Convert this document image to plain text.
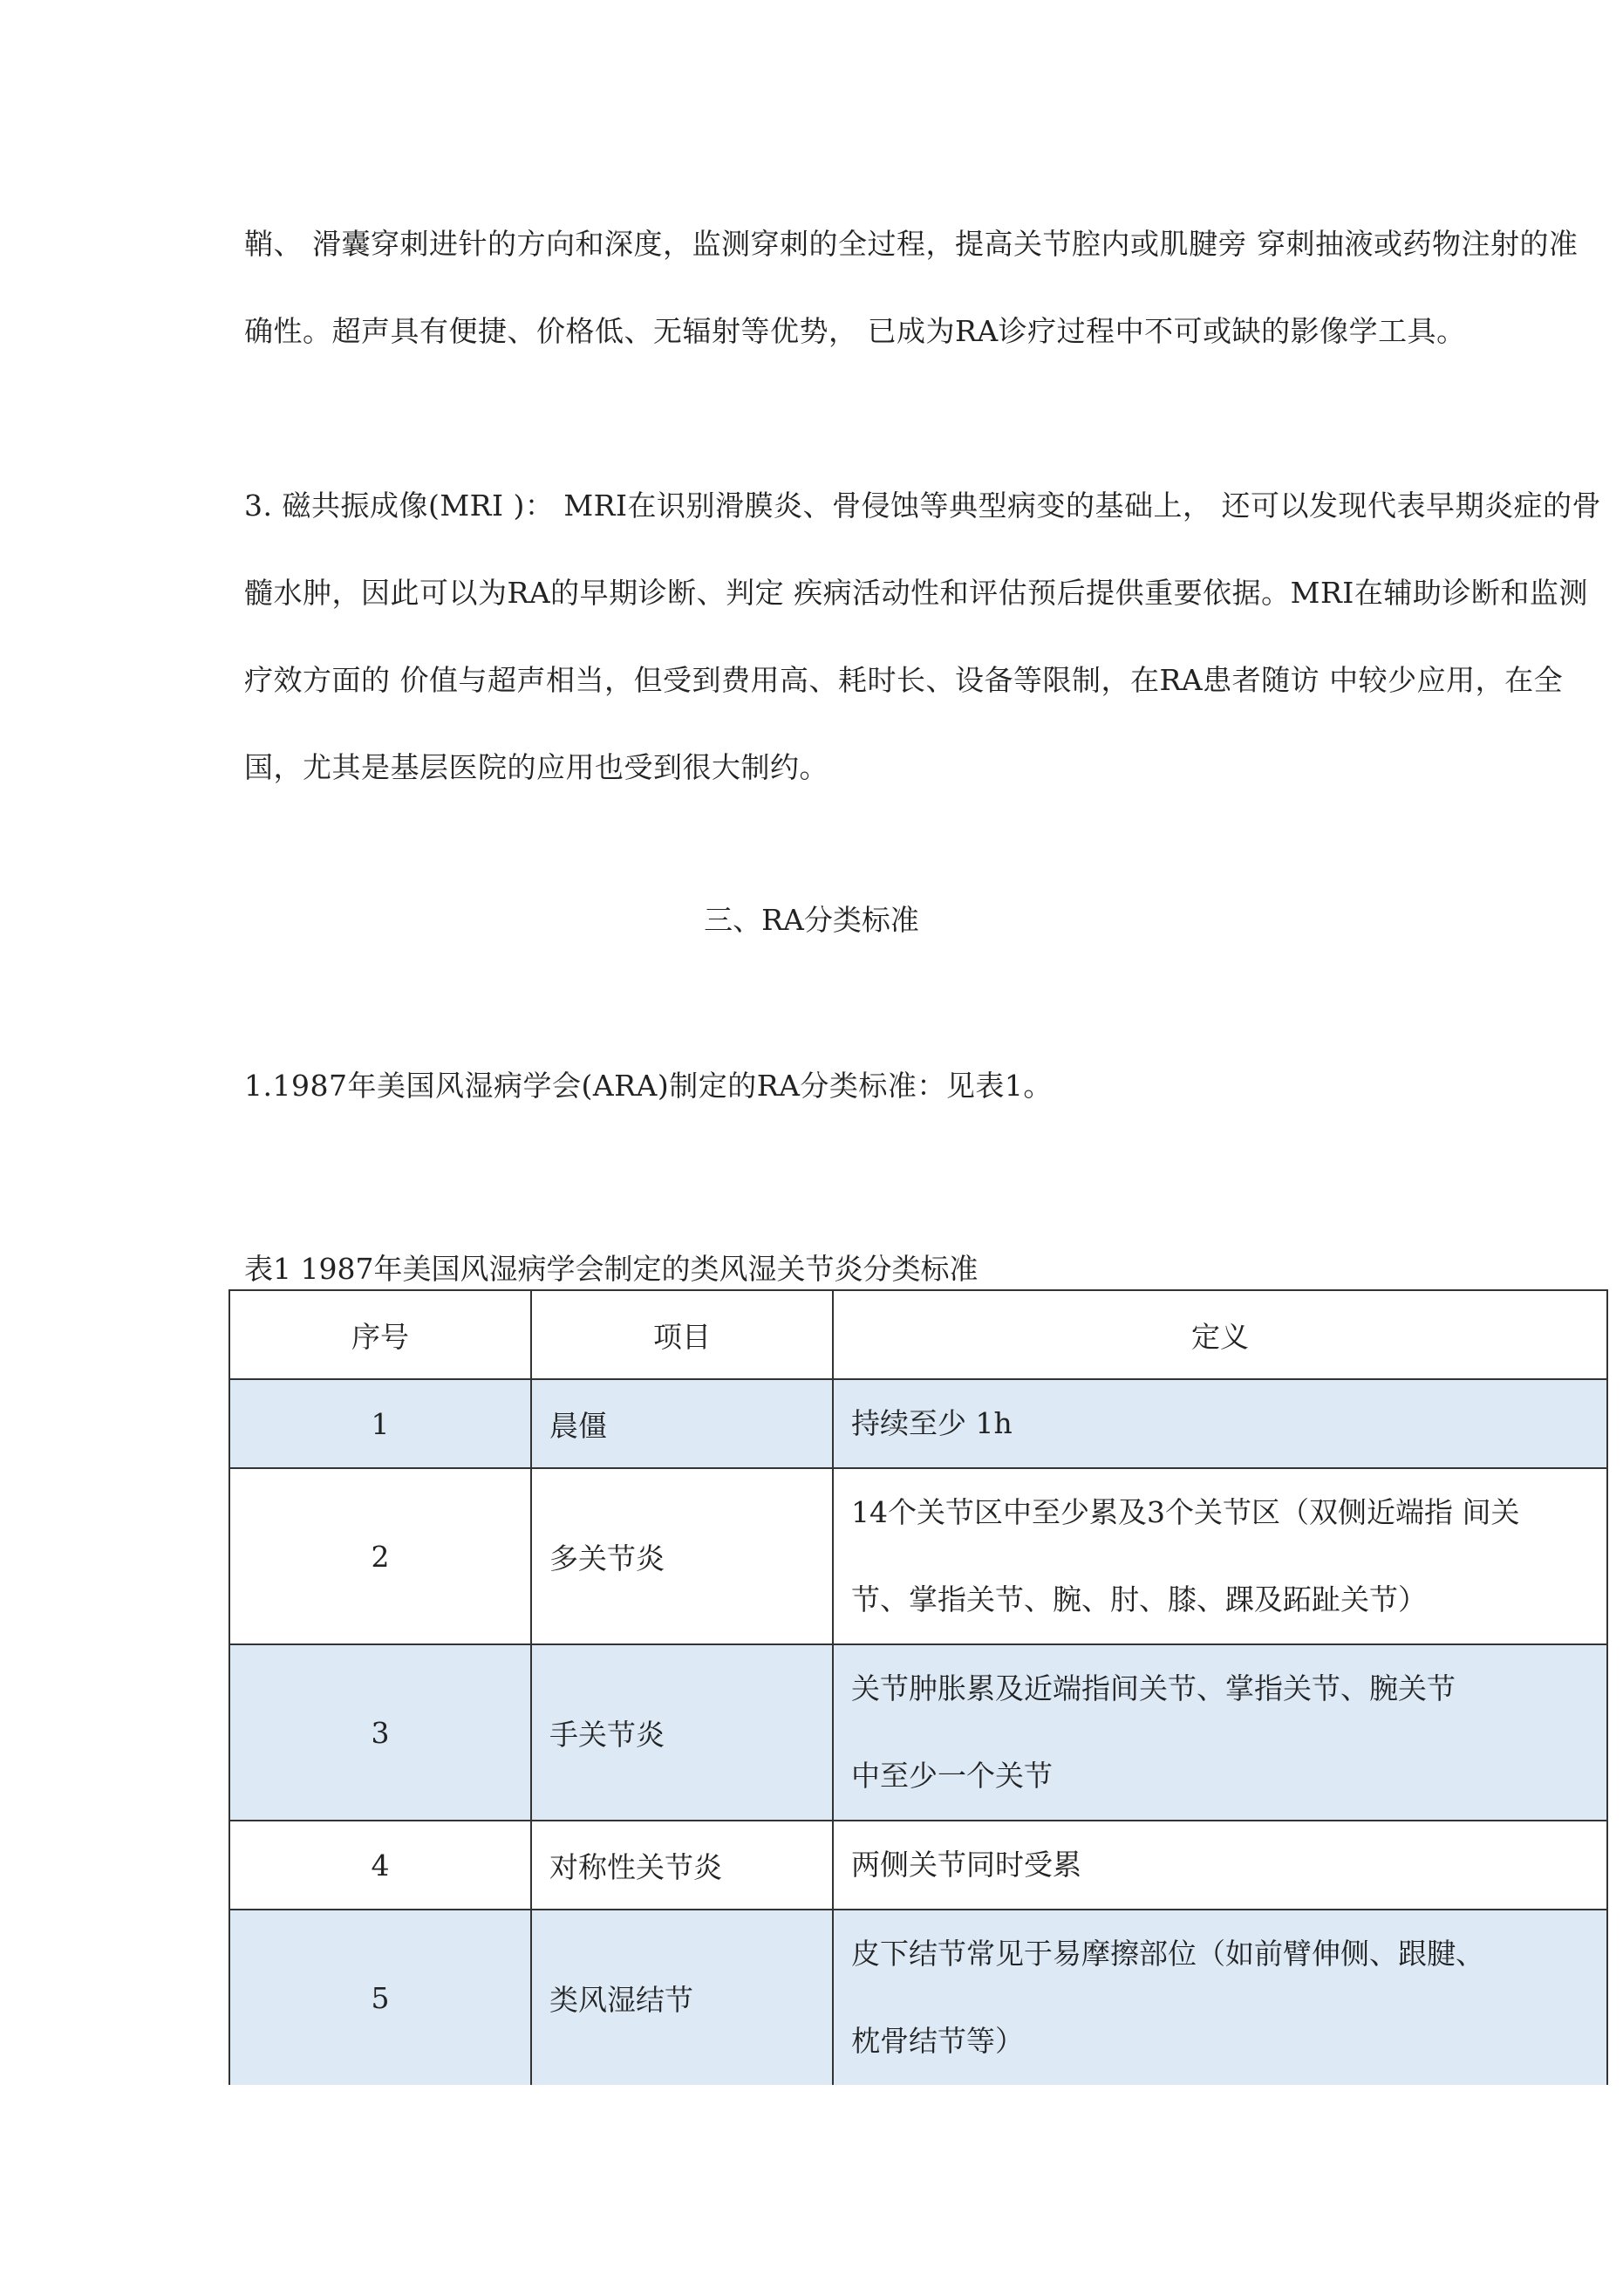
鞘、 滑囊穿刺进针的方向和深度，监测穿刺的全过程，提高关节腔内或肌腱旁 穿刺抽液或药物注射的准确性。超声具有便捷、价格低、无辐射等优势， 已成为RA诊疗过程中不可或缺的影像学工具。

3. 磁共振成像(MRI )： MRI在识别滑膜炎、骨侵蚀等典型病变的基础上， 还可以发现代表早期炎症的骨髓水肿，因此可以为RA的早期诊断、判定 疾病活动性和评估预后提供重要依据。MRI在辅助诊断和监测疗效方面的 价值与超声相当，但受到费用高、耗时长、设备等限制，在RA患者随访 中较少应用，在全国，尤其是基层医院的应用也受到很大制约。

三、RA分类标准

1.1987年美国风湿病学会(ARA)制定的RA分类标准：见表1。

表1 1987年美国风湿病学会制定的类风湿关节炎分类标准

序号	项目	定义
1	晨僵	持续至少 1h

2	多关节炎	14个关节区中至少累及3个关节区（双侧近端指 间关
节、掌指关节、腕、肘、膝、踝及跖趾关节）

3	手关节炎	关节肿胀累及近端指间关节、掌指关节、腕关节
中至少一个关节

4	对称性关节炎	两侧关节同时受累

5	类风湿结节	皮下结节常见于易摩擦部位（如前臂伸侧、跟腱、
枕骨结节等）
